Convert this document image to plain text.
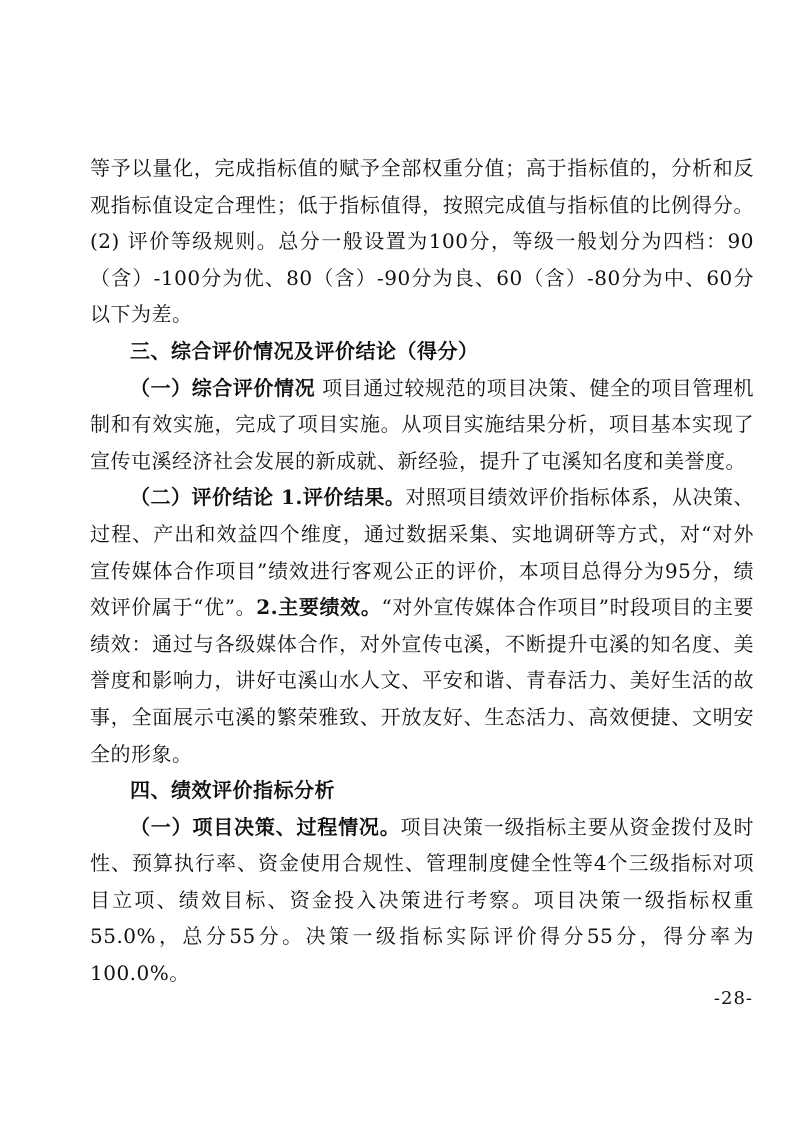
等予以量化，完成指标值的赋予全部权重分值；高于指标值的，分析和反观指标值设定合理性；低于指标值得，按照完成值与指标值的比例得分。(2) 评价等级规则。总分一般设置为100分，等级一般划分为四档：90（含）-100分为优、80（含）-90分为良、60（含）-80分为中、60分以下为差。

三、综合评价情况及评价结论（得分）

（一）综合评价情况 项目通过较规范的项目决策、健全的项目管理机制和有效实施，完成了项目实施。从项目实施结果分析，项目基本实现了宣传屯溪经济社会发展的新成就、新经验，提升了屯溪知名度和美誉度。

（二）评价结论 1.评价结果。对照项目绩效评价指标体系，从决策、过程、产出和效益四个维度，通过数据采集、实地调研等方式，对“对外宣传媒体合作项目”绩效进行客观公正的评价，本项目总得分为95分，绩效评价属于“优”。2.主要绩效。“对外宣传媒体合作项目”时段项目的主要绩效：通过与各级媒体合作，对外宣传屯溪，不断提升屯溪的知名度、美誉度和影响力，讲好屯溪山水人文、平安和谐、青春活力、美好生活的故事，全面展示屯溪的繁荣雅致、开放友好、生态活力、高效便捷、文明安全的形象。

四、绩效评价指标分析

（一）项目决策、过程情况。项目决策一级指标主要从资金拨付及时性、预算执行率、资金使用合规性、管理制度健全性等4个三级指标对项目立项、绩效目标、资金投入决策进行考察。项目决策一级指标权重55.0%，总分55分。决策一级指标实际评价得分55分，得分率为100.0%。

-28-
